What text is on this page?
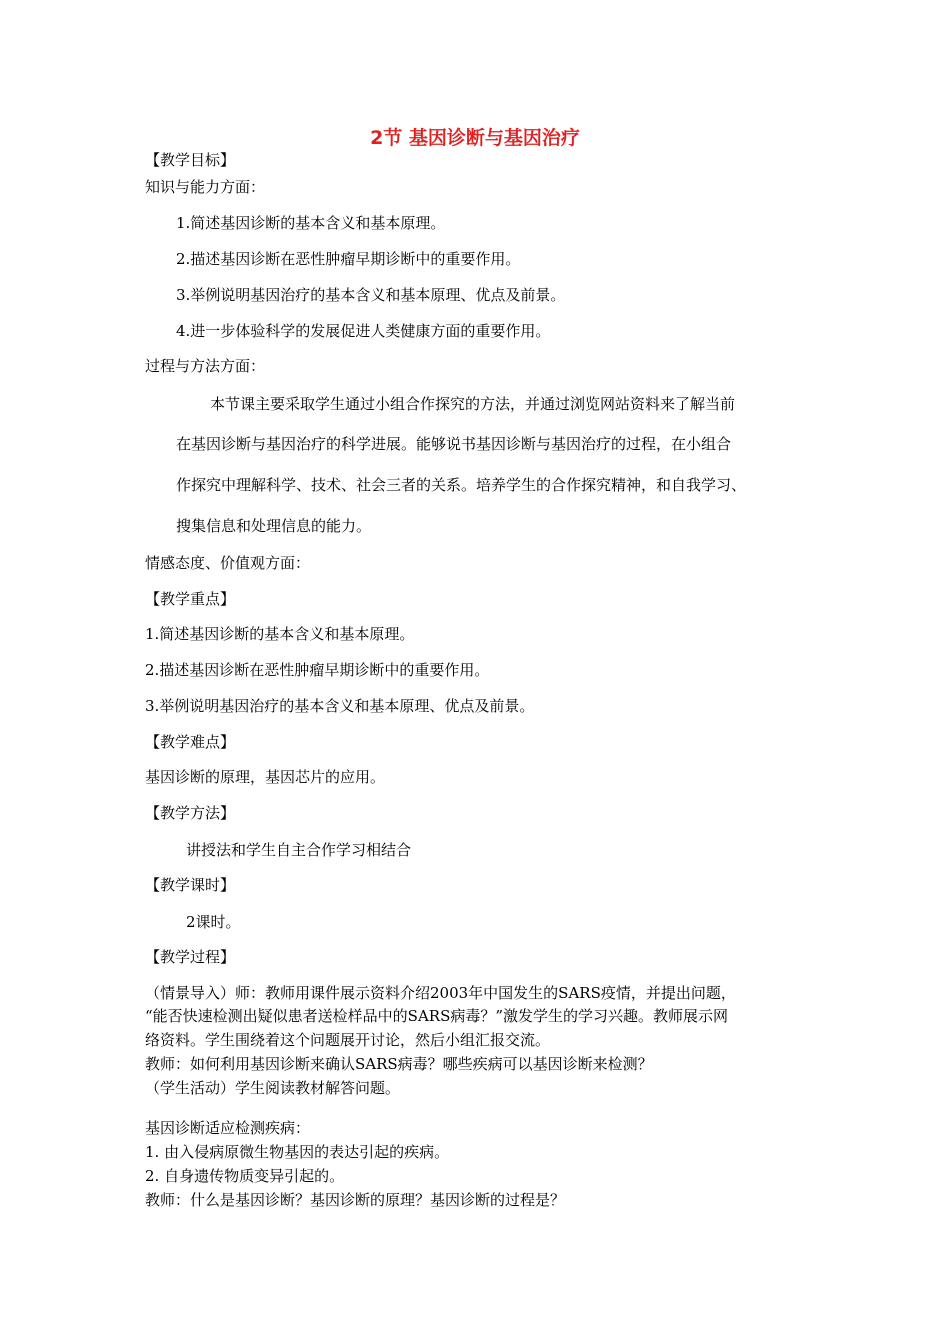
2节 基因诊断与基因治疗
【教学目标】
知识与能力方面：
1.简述基因诊断的基本含义和基本原理。
2.描述基因诊断在恶性肿瘤早期诊断中的重要作用。
3.举例说明基因治疗的基本含义和基本原理、优点及前景。
4.进一步体验科学的发展促进人类健康方面的重要作用。
过程与方法方面：
本节课主要采取学生通过小组合作探究的方法，并通过浏览网站资料来了解当前
在基因诊断与基因治疗的科学进展。能够说书基因诊断与基因治疗的过程，在小组合
作探究中理解科学、技术、社会三者的关系。培养学生的合作探究精神，和自我学习、
搜集信息和处理信息的能力。
情感态度、价值观方面：
【教学重点】
1.简述基因诊断的基本含义和基本原理。
2.描述基因诊断在恶性肿瘤早期诊断中的重要作用。
3.举例说明基因治疗的基本含义和基本原理、优点及前景。
【教学难点】
基因诊断的原理，基因芯片的应用。
【教学方法】
讲授法和学生自主合作学习相结合
【教学课时】
2课时。
【教学过程】
（情景导入）师：教师用课件展示资料介绍2003年中国发生的SARS疫情，并提出问题，
“能否快速检测出疑似患者送检样品中的SARS病毒？”激发学生的学习兴趣。教师展示网
络资料。学生围绕着这个问题展开讨论，然后小组汇报交流。
教师：如何利用基因诊断来确认SARS病毒？哪些疾病可以基因诊断来检测？
（学生活动）学生阅读教材解答问题。
基因诊断适应检测疾病：
1. 由入侵病原微生物基因的表达引起的疾病。
2. 自身遗传物质变异引起的。
教师：什么是基因诊断？基因诊断的原理？基因诊断的过程是？
